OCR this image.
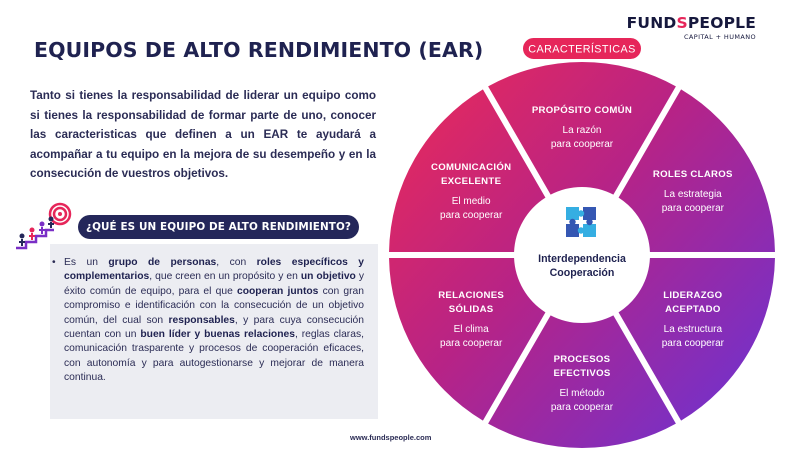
EQUIPOS DE ALTO RENDIMIENTO (EAR)
FUNDSPEOPLE
CAPITAL + HUMANO
Tanto si tienes la responsabilidad de liderar un equipo como si tienes la responsabilidad de formar parte de uno, conocer las caracteristicas que definen a un EAR te ayudará a acompañar a tu equipo en la mejora de su desempeño y en la consecución de vuestros objetivos.
¿QUÉ ES UN EQUIPO DE ALTO RENDIMIENTO?
• Es un grupo de personas, con roles específicos y complementarios, que creen en un propósito y en un objetivo y éxito común de equipo, para el que cooperan juntos con gran compromiso e identificación con la consecución de un objetivo común, del cual son responsables, y para cuya consecución cuentan con un buen líder y buenas relaciones, reglas claras, comunicación trasparente y procesos de cooperación eficaces, con autonomía y para autogestionarse y mejorar de manera continua.
www.fundspeople.com
Interdependencia
Cooperación
PROPÓSITO COMÚN
La razón
para cooperar
ROLES CLAROS
La estrategia
para cooperar
LIDERAZGO
ACEPTADO
La estructura
para cooperar
PROCESOS
EFECTIVOS
El método
para cooperar
RELACIONES
SÓLIDAS
El clima
para cooperar
COMUNICACIÓN
EXCELENTE
El medio
para cooperar
CARACTERÍSTICAS
